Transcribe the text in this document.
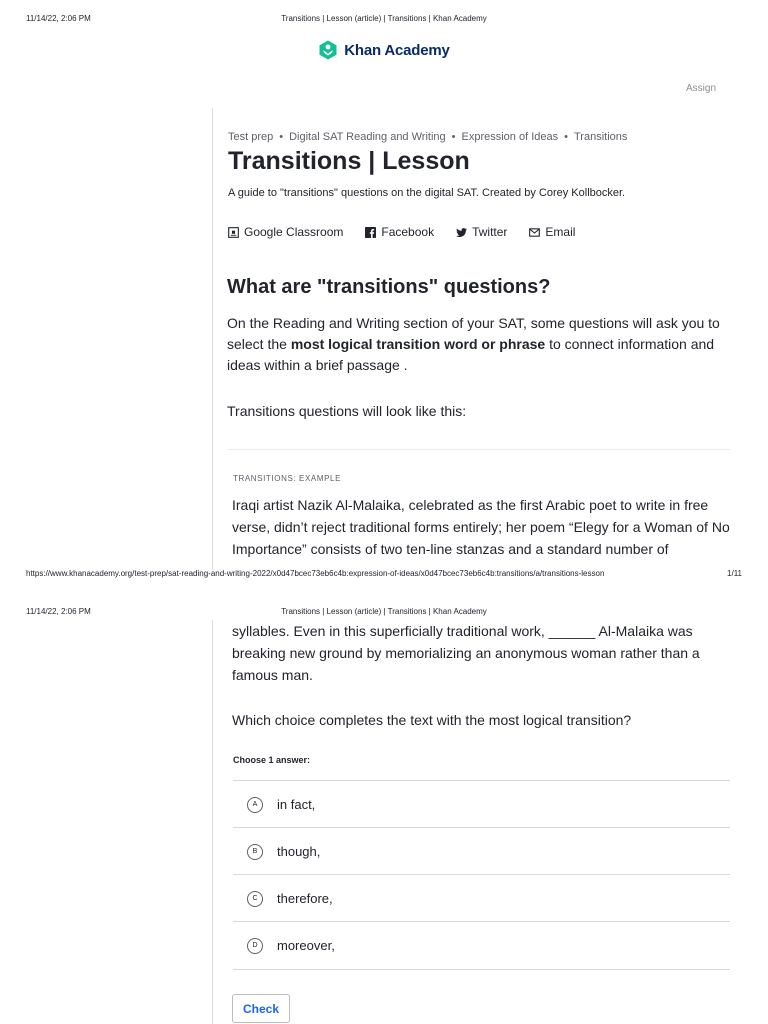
11/14/22, 2:06 PM	Transitions | Lesson (article) | Transitions | Khan Academy
Khan Academy
Assign
Test prep • Digital SAT Reading and Writing • Expression of Ideas • Transitions
Transitions | Lesson
A guide to "transitions" questions on the digital SAT. Created by Corey Kollbocker.
Google Classroom	Facebook	Twitter	Email
What are "transitions" questions?

On the Reading and Writing section of your SAT, some questions will ask you to select the most logical transition word or phrase to connect information and ideas within a brief passage .

Transitions questions will look like this:

TRANSITIONS: EXAMPLE

Iraqi artist Nazik Al-Malaika, celebrated as the first Arabic poet to write in free verse, didn’t reject traditional forms entirely; her poem “Elegy for a Woman of No Importance” consists of two ten-line stanzas and a standard number of

https://www.khanacademy.org/test-prep/sat-reading-and-writing-2022/x0d47bcec73eb6c4b:expression-of-ideas/x0d47bcec73eb6c4b:transitions/a/transitions-lesson	1/11
11/14/22, 2:06 PM	Transitions | Lesson (article) | Transitions | Khan Academy

syllables. Even in this superficially traditional work, ______ Al-Malaika was breaking new ground by memorializing an anonymous woman rather than a famous man.

Which choice completes the text with the most logical transition?

Choose 1 answer:
A	in fact,
B	though,
C	therefore,
D	moreover,
Check
